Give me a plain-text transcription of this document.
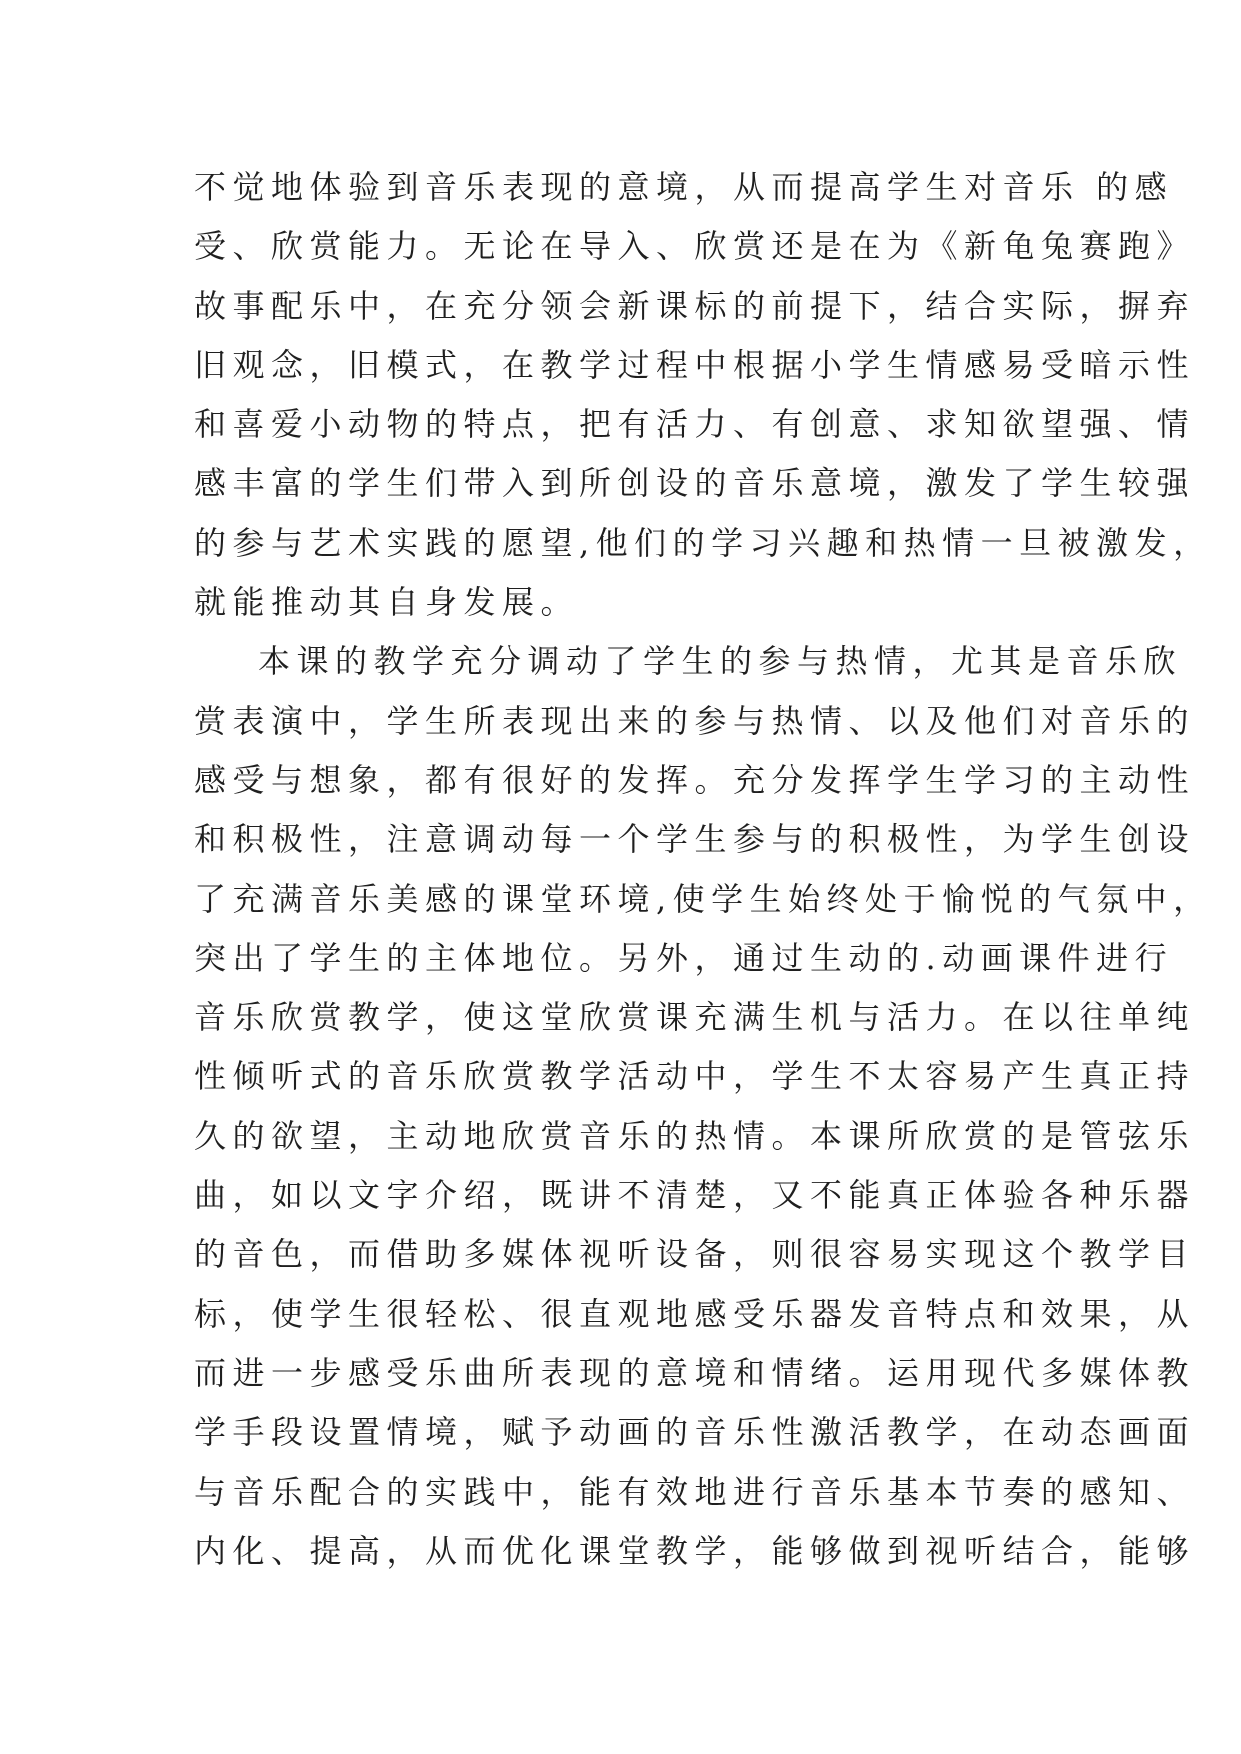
不觉地体验到音乐表现的意境，从而提高学生对音乐 的感
受、欣赏能力。无论在导入、欣赏还是在为《新龟兔赛跑》
故事配乐中，在充分领会新课标的前提下，结合实际，摒弃
旧观念，旧模式，在教学过程中根据小学生情感易受暗示性
和喜爱小动物的特点，把有活力、有创意、求知欲望强、情
感丰富的学生们带入到所创设的音乐意境，激发了学生较强
的参与艺术实践的愿望,他们的学习兴趣和热情一旦被激发，
就能推动其自身发展。
本课的教学充分调动了学生的参与热情，尤其是音乐欣
赏表演中，学生所表现出来的参与热情、以及他们对音乐的
感受与想象，都有很好的发挥。充分发挥学生学习的主动性
和积极性，注意调动每一个学生参与的积极性，为学生创设
了充满音乐美感的课堂环境,使学生始终处于愉悦的气氛中，
突出了学生的主体地位。另外，通过生动的.动画课件进行
音乐欣赏教学，使这堂欣赏课充满生机与活力。在以往单纯
性倾听式的音乐欣赏教学活动中，学生不太容易产生真正持
久的欲望，主动地欣赏音乐的热情。本课所欣赏的是管弦乐
曲，如以文字介绍，既讲不清楚，又不能真正体验各种乐器
的音色，而借助多媒体视听设备，则很容易实现这个教学目
标，使学生很轻松、很直观地感受乐器发音特点和效果，从
而进一步感受乐曲所表现的意境和情绪。运用现代多媒体教
学手段设置情境，赋予动画的音乐性激活教学，在动态画面
与音乐配合的实践中，能有效地进行音乐基本节奏的感知、
内化、提高，从而优化课堂教学，能够做到视听结合，能够
